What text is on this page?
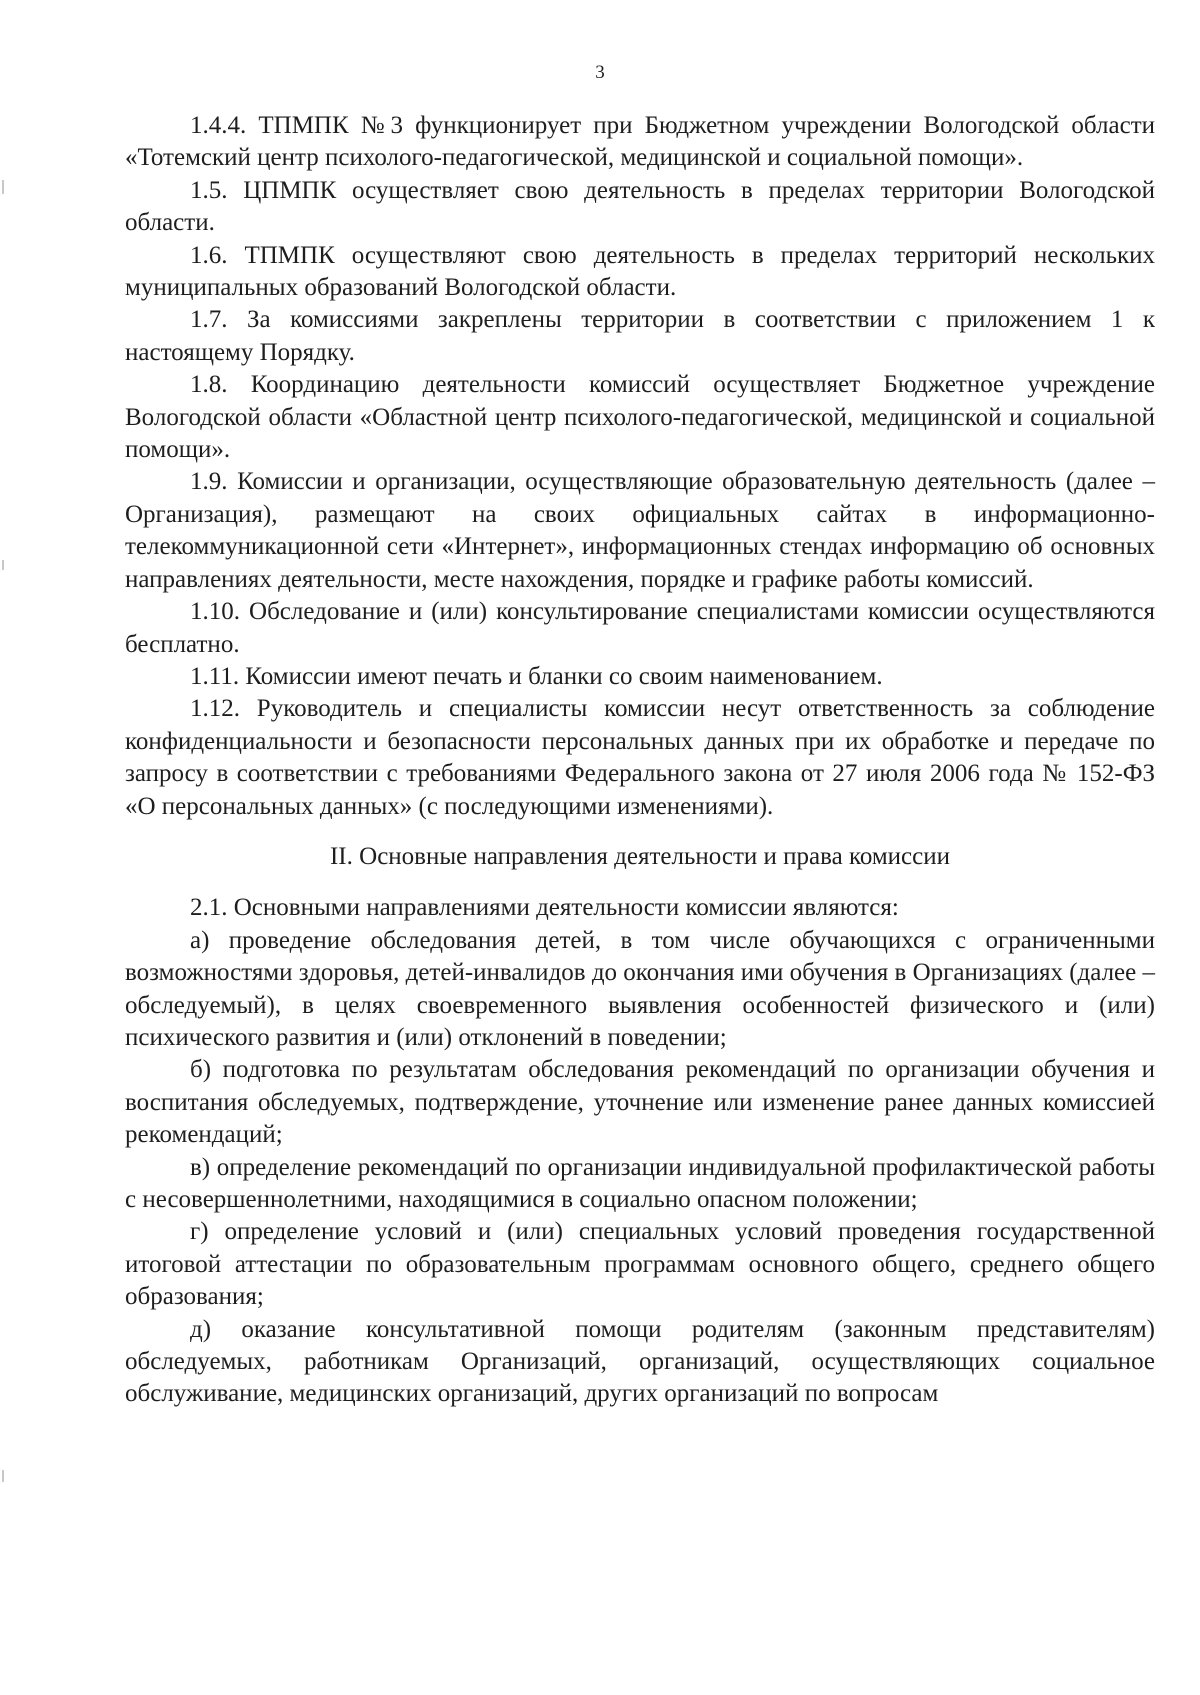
3

1.4.4. ТПМПК №3 функционирует при Бюджетном учреждении Вологодской области «Тотемский центр психолого-педагогической, медицинской и социальной помощи».

1.5. ЦПМПК осуществляет свою деятельность в пределах территории Вологодской области.

1.6. ТПМПК осуществляют свою деятельность в пределах территорий нескольких муниципальных образований Вологодской области.

1.7. За комиссиями закреплены территории в соответствии с приложением 1 к настоящему Порядку.

1.8. Координацию деятельности комиссий осуществляет Бюджетное учреждение Вологодской области «Областной центр психолого-педагогической, медицинской и социальной помощи».

1.9. Комиссии и организации, осуществляющие образовательную деятельность (далее – Организация), размещают на своих официальных сайтах в информационно-телекоммуникационной сети «Интернет», информационных стендах информацию об основных направлениях деятельности, месте нахождения, порядке и графике работы комиссий.

1.10. Обследование и (или) консультирование специалистами комиссии осуществляются бесплатно.

1.11. Комиссии имеют печать и бланки со своим наименованием.

1.12. Руководитель и специалисты комиссии несут ответственность за соблюдение конфиденциальности и безопасности персональных данных при их обработке и передаче по запросу в соответствии с требованиями Федерального закона от 27 июля 2006 года № 152-ФЗ «О персональных данных» (с последующими изменениями).

II. Основные направления деятельности и права комиссии

2.1. Основными направлениями деятельности комиссии являются:

а) проведение обследования детей, в том числе обучающихся с ограниченными возможностями здоровья, детей-инвалидов до окончания ими обучения в Организациях (далее – обследуемый), в целях своевременного выявления особенностей физического и (или) психического развития и (или) отклонений в поведении;

б) подготовка по результатам обследования рекомендаций по организации обучения и воспитания обследуемых, подтверждение, уточнение или изменение ранее данных комиссией рекомендаций;

в) определение рекомендаций по организации индивидуальной профилактической работы с несовершеннолетними, находящимися в социально опасном положении;

г) определение условий и (или) специальных условий проведения государственной итоговой аттестации по образовательным программам основного общего, среднего общего образования;

д) оказание консультативной помощи родителям (законным представителям) обследуемых, работникам Организаций, организаций, осуществляющих социальное обслуживание, медицинских организаций, других организаций по вопросам
